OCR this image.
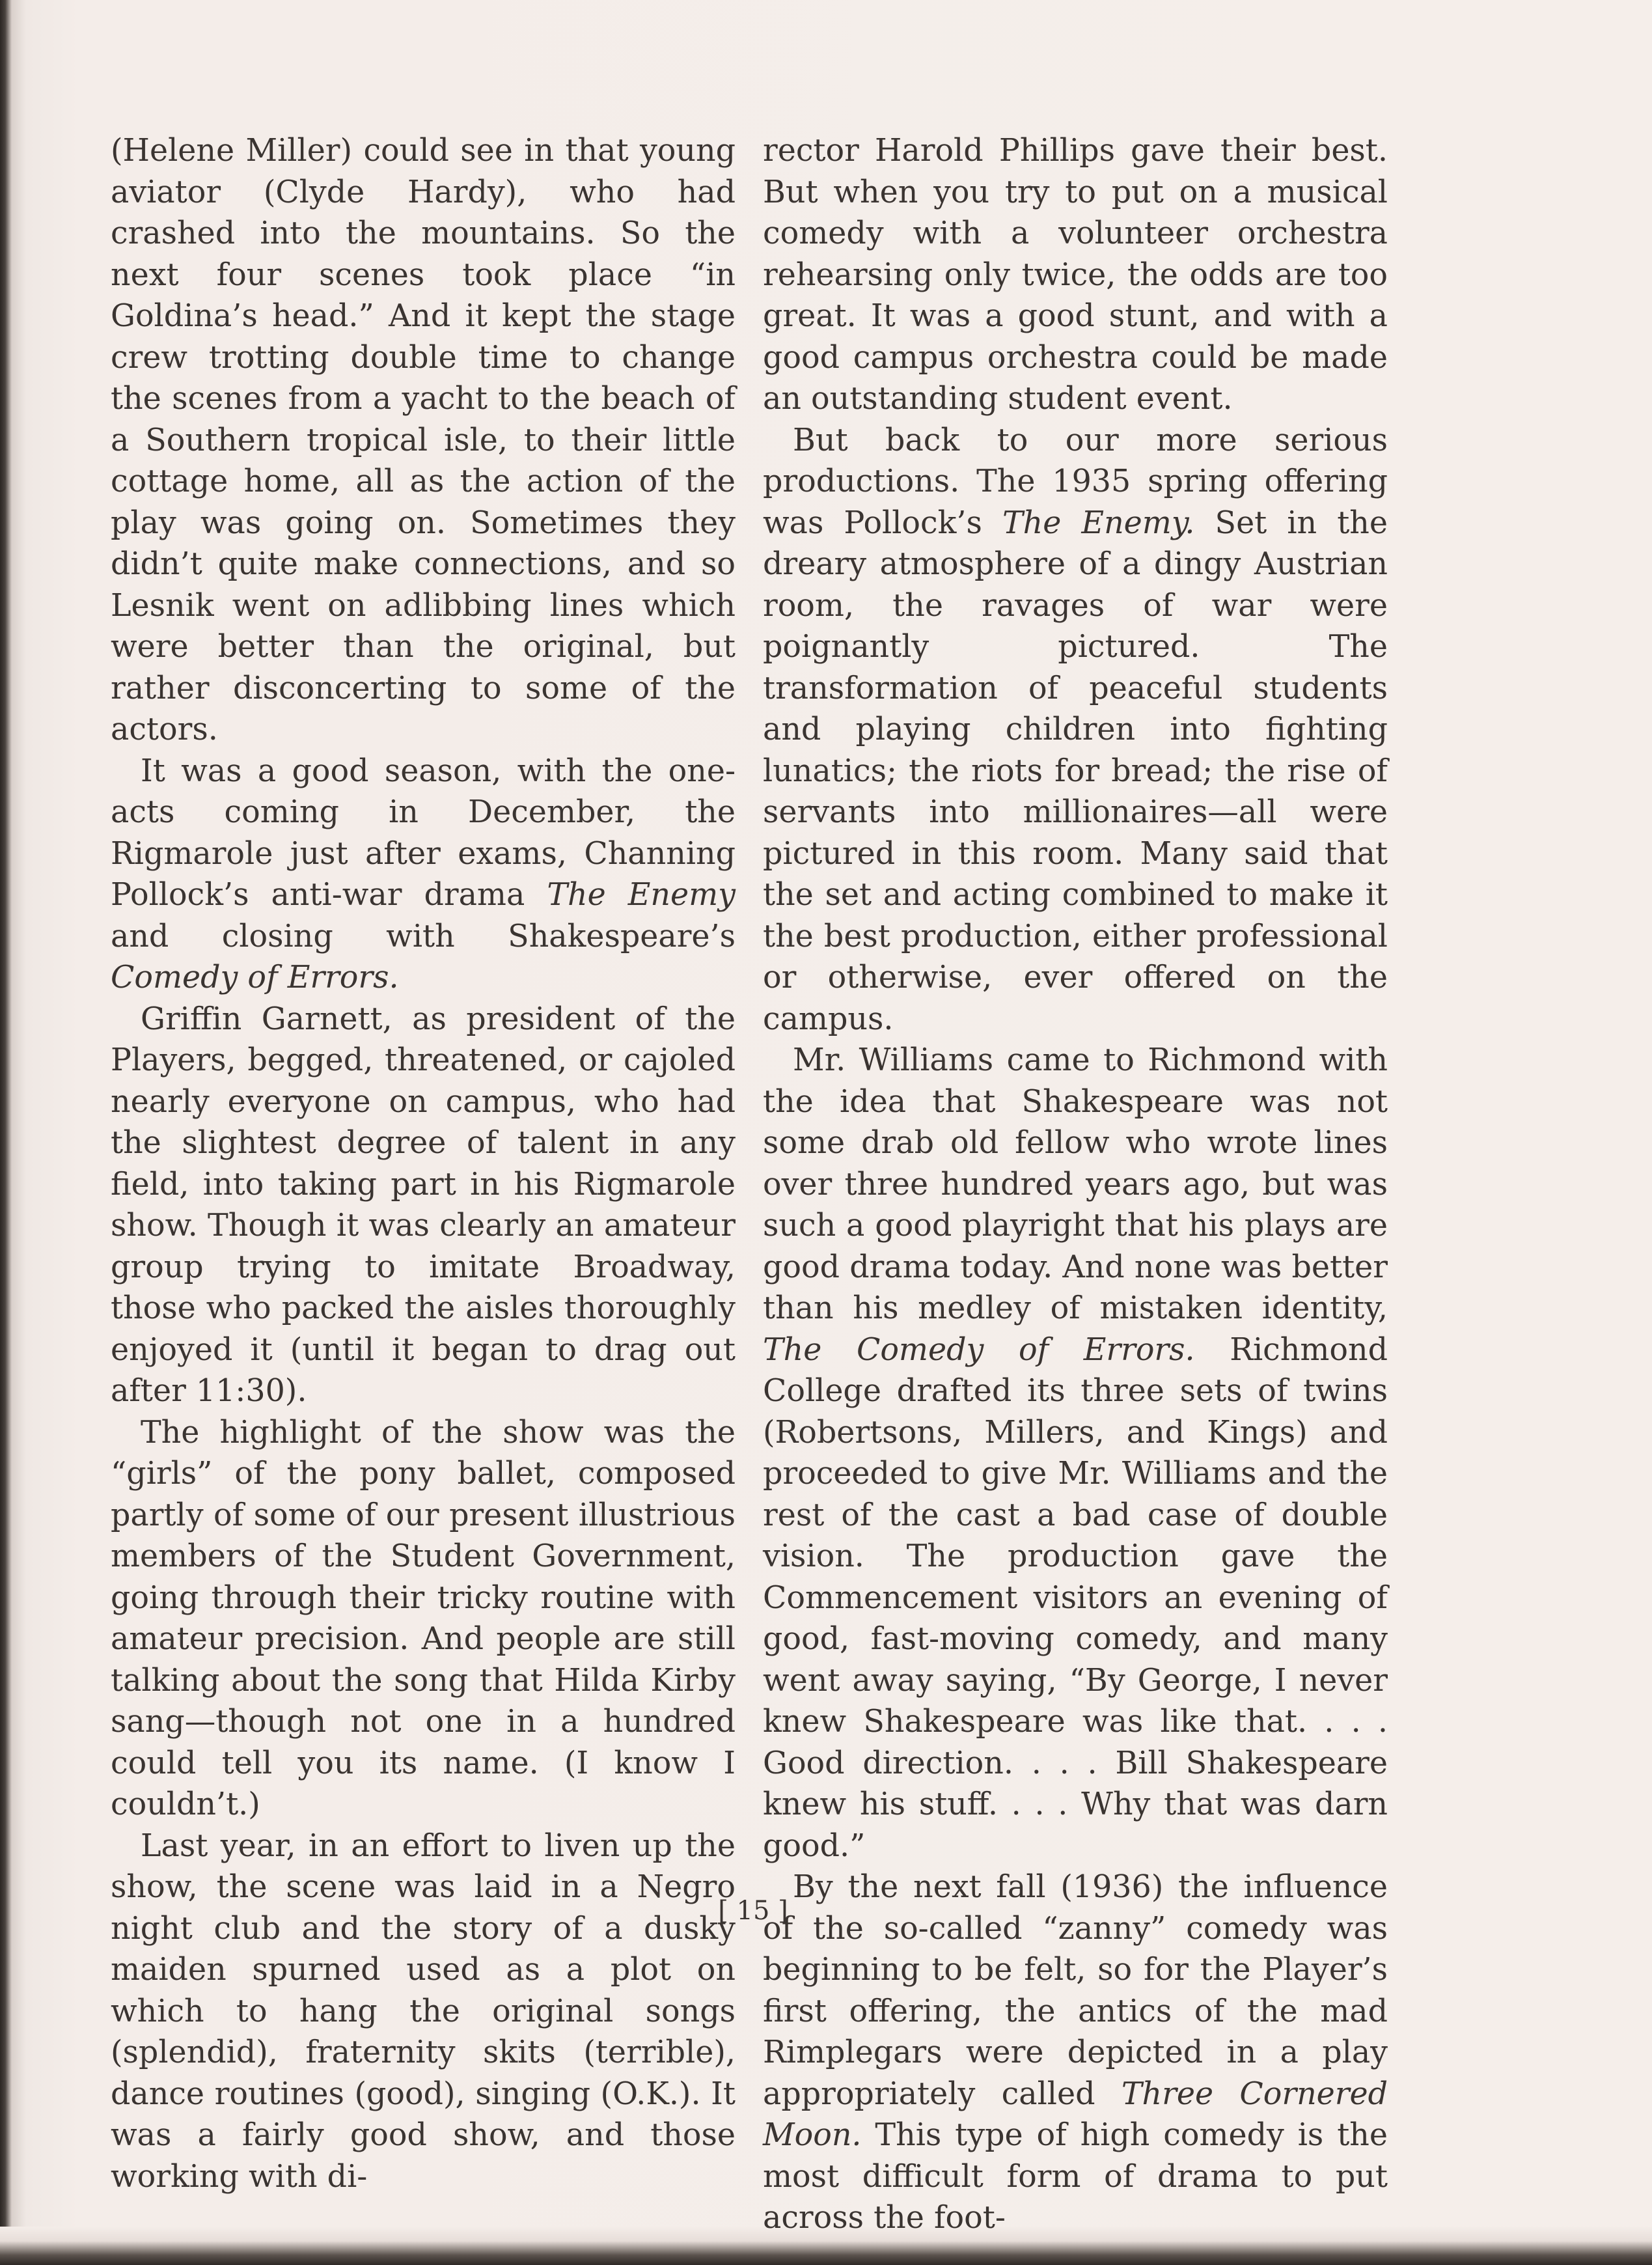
(Helene Miller) could see in that young aviator (Clyde Hardy), who had crashed into the mountains. So the next four scenes took place “in Goldina’s head.” And it kept the stage crew trotting double time to change the scenes from a yacht to the beach of a Southern tropical isle, to their little cottage home, all as the action of the play was going on. Sometimes they didn’t quite make connections, and so Lesnik went on adlibbing lines which were better than the original, but rather disconcerting to some of the actors.

It was a good season, with the one-acts coming in December, the Rigmarole just after exams, Channing Pollock’s anti-war drama The Enemy and closing with Shakespeare’s Comedy of Errors.

Griffin Garnett, as president of the Players, begged, threatened, or cajoled nearly everyone on campus, who had the slightest degree of talent in any field, into taking part in his Rigmarole show. Though it was clearly an amateur group trying to imitate Broadway, those who packed the aisles thoroughly enjoyed it (until it began to drag out after 11:30).

The highlight of the show was the “girls” of the pony ballet, composed partly of some of our present illustrious members of the Student Government, going through their tricky routine with amateur precision. And people are still talking about the song that Hilda Kirby sang—though not one in a hundred could tell you its name. (I know I couldn’t.)

Last year, in an effort to liven up the show, the scene was laid in a Negro night club and the story of a dusky maiden spurned used as a plot on which to hang the original songs (splendid), fraternity skits (terrible), dance routines (good), singing (O.K.). It was a fairly good show, and those working with di-

rector Harold Phillips gave their best. But when you try to put on a musical comedy with a volunteer orchestra rehearsing only twice, the odds are too great. It was a good stunt, and with a good campus orchestra could be made an outstanding student event.

But back to our more serious productions. The 1935 spring offering was Pollock’s The Enemy. Set in the dreary atmosphere of a dingy Austrian room, the ravages of war were poignantly pictured. The transformation of peaceful students and playing children into fighting lunatics; the riots for bread; the rise of servants into millionaires—all were pictured in this room. Many said that the set and acting combined to make it the best production, either professional or otherwise, ever offered on the campus.

Mr. Williams came to Richmond with the idea that Shakespeare was not some drab old fellow who wrote lines over three hundred years ago, but was such a good playright that his plays are good drama today. And none was better than his medley of mistaken identity, The Comedy of Errors. Richmond College drafted its three sets of twins (Robertsons, Millers, and Kings) and proceeded to give Mr. Williams and the rest of the cast a bad case of double vision. The production gave the Commencement visitors an evening of good, fast-moving comedy, and many went away saying, “By George, I never knew Shakespeare was like that. . . . Good direction. . . . Bill Shakespeare knew his stuff. . . . Why that was darn good.”

By the next fall (1936) the influence of the so-called “zanny” comedy was beginning to be felt, so for the Player’s first offering, the antics of the mad Rimplegars were depicted in a play appropriately called Three Cornered Moon. This type of high comedy is the most difficult form of drama to put across the foot-

[ 15 ]
